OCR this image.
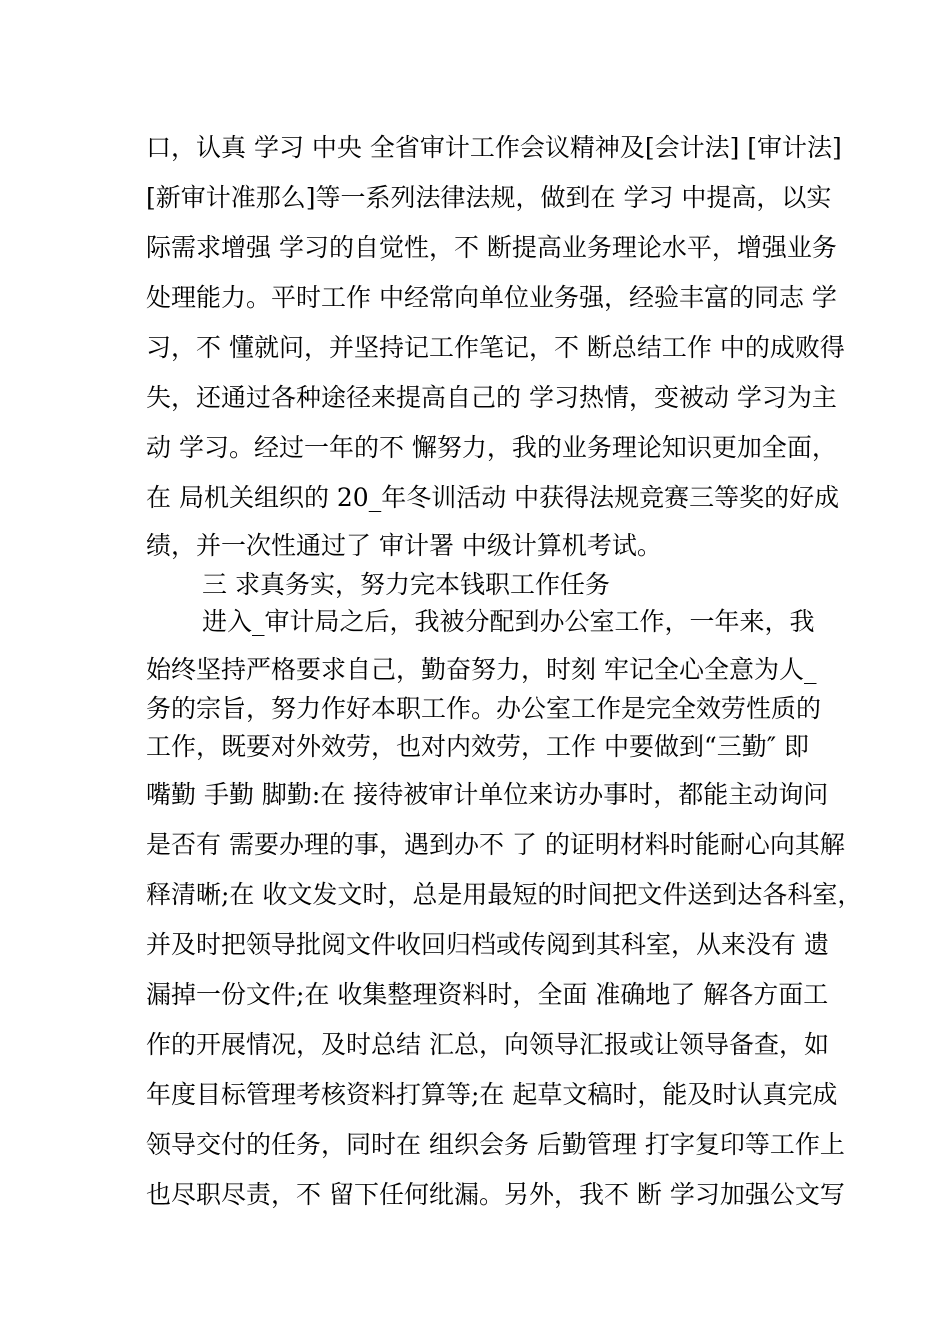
口，认真 学习 中央 全省审计工作会议精神及[会计法] [审计法]
[新审计准那么]等一系列法律法规，做到在 学习 中提高，以实
际需求增强 学习的自觉性，不 断提高业务理论水平，增强业务
处理能力。平时工作 中经常向单位业务强，经验丰富的同志 学
习，不 懂就问，并坚持记工作笔记，不 断总结工作 中的成败得
失，还通过各种途径来提高自己的 学习热情，变被动 学习为主
动 学习。经过一年的不 懈努力，我的业务理论知识更加全面，
在 局机关组织的 20_年冬训活动 中获得法规竞赛三等奖的好成
绩，并一次性通过了 审计署 中级计算机考试。
三 求真务实，努力完本钱职工作任务
进入_审计局之后，我被分配到办公室工作，一年来，我
始终坚持严格要求自己，勤奋努力，时刻 牢记全心全意为人_
务的宗旨，努力作好本职工作。办公室工作是完全效劳性质的
工作，既要对外效劳，也对内效劳，工作 中要做到“三勤″ 即
嘴勤 手勤 脚勤:在 接待被审计单位来访办事时，都能主动询问
是否有 需要办理的事，遇到办不 了 的证明材料时能耐心向其解
释清晰;在 收文发文时，总是用最短的时间把文件送到达各科室，
并及时把领导批阅文件收回归档或传阅到其科室，从来没有 遗
漏掉一份文件;在 收集整理资料时，全面 准确地了 解各方面工
作的开展情况，及时总结 汇总，向领导汇报或让领导备查，如
年度目标管理考核资料打算等;在 起草文稿时，能及时认真完成
领导交付的任务，同时在 组织会务 后勤管理 打字复印等工作上
也尽职尽责，不 留下任何纰漏。另外，我不 断 学习加强公文写
